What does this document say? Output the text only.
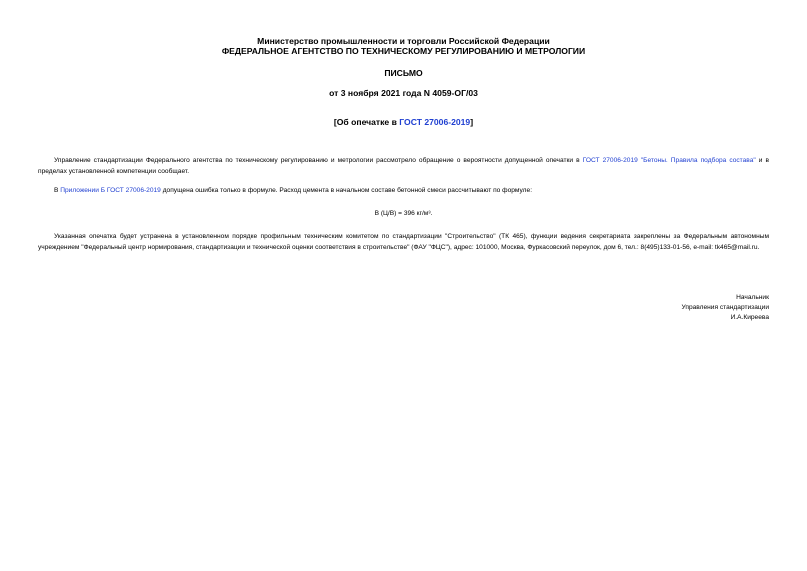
Министерство промышленности и торговли Российской Федерации
ФЕДЕРАЛЬНОЕ АГЕНТСТВО ПО ТЕХНИЧЕСКОМУ РЕГУЛИРОВАНИЮ И МЕТРОЛОГИИ
ПИСЬМО
от 3 ноября 2021 года N 4059-ОГ/03
[Об опечатке в ГОСТ 27006-2019]
Управление стандартизации Федерального агентства по техническому регулированию и метрологии рассмотрело обращение о вероятности допущенной опечатки в ГОСТ 27006-2019 "Бетоны. Правила подбора состава" и в пределах установленной компетенции сообщает.
В Приложении Б ГОСТ 27006-2019 допущена ошибка только в формуле. Расход цемента в начальном составе бетонной смеси рассчитывают по формуле:
В (Ц/В) = 396 кг/м³.
Указанная опечатка будет устранена в установленном порядке профильным техническим комитетом по стандартизации "Строительство" (ТК 465), функции ведения секретариата закреплены за Федеральным автономным учреждением "Федеральный центр нормирования, стандартизации и технической оценки соответствия в строительстве" (ФАУ "ФЦС"), адрес: 101000, Москва, Фуркасовский переулок, дом 6, тел.: 8(495)133-01-56, e-mail: tk465@mail.ru.
Начальник
Управления стандартизации
И.А.Киреева
